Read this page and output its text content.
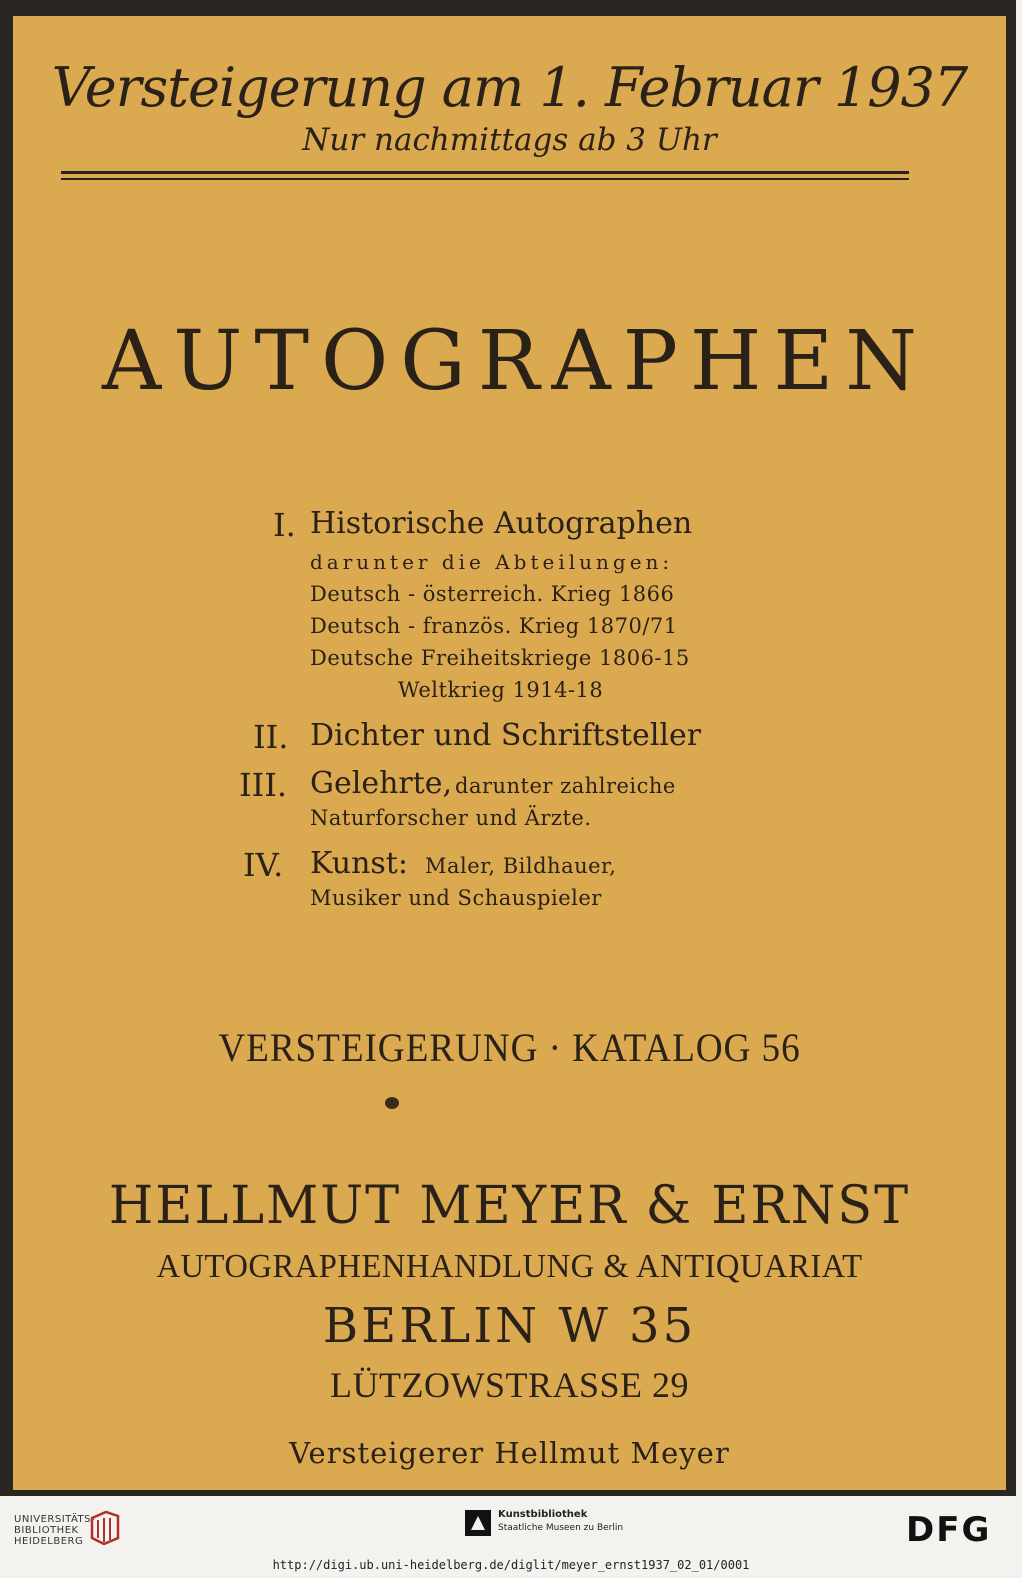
Versteigerung am 1. Februar 1937
Nur nachmittags ab 3 Uhr
AUTOGRAPHEN
I. Historische Autographen
darunter die Abteilungen:
Deutsch - österreich. Krieg 1866
Deutsch - französ. Krieg 1870/71
Deutsche Freiheitskriege 1806-15
Weltkrieg 1914-18
II. Dichter und Schriftsteller
III. Gelehrte, darunter zahlreiche
Naturforscher und Ärzte.
IV. Kunst: Maler, Bildhauer,
Musiker und Schauspieler
VERSTEIGERUNG · KATALOG 56
HELLMUT MEYER & ERNST
AUTOGRAPHENHANDLUNG & ANTIQUARIAT
BERLIN W 35
LÜTZOWSTRASSE 29
Versteigerer Hellmut Meyer
UNIVERSITÄTS-
BIBLIOTHEK
HEIDELBERG
Kunstbibliothek
Staatliche Museen zu Berlin	DFG
http://digi.ub.uni-heidelberg.de/diglit/meyer_ernst1937_02_01/0001
